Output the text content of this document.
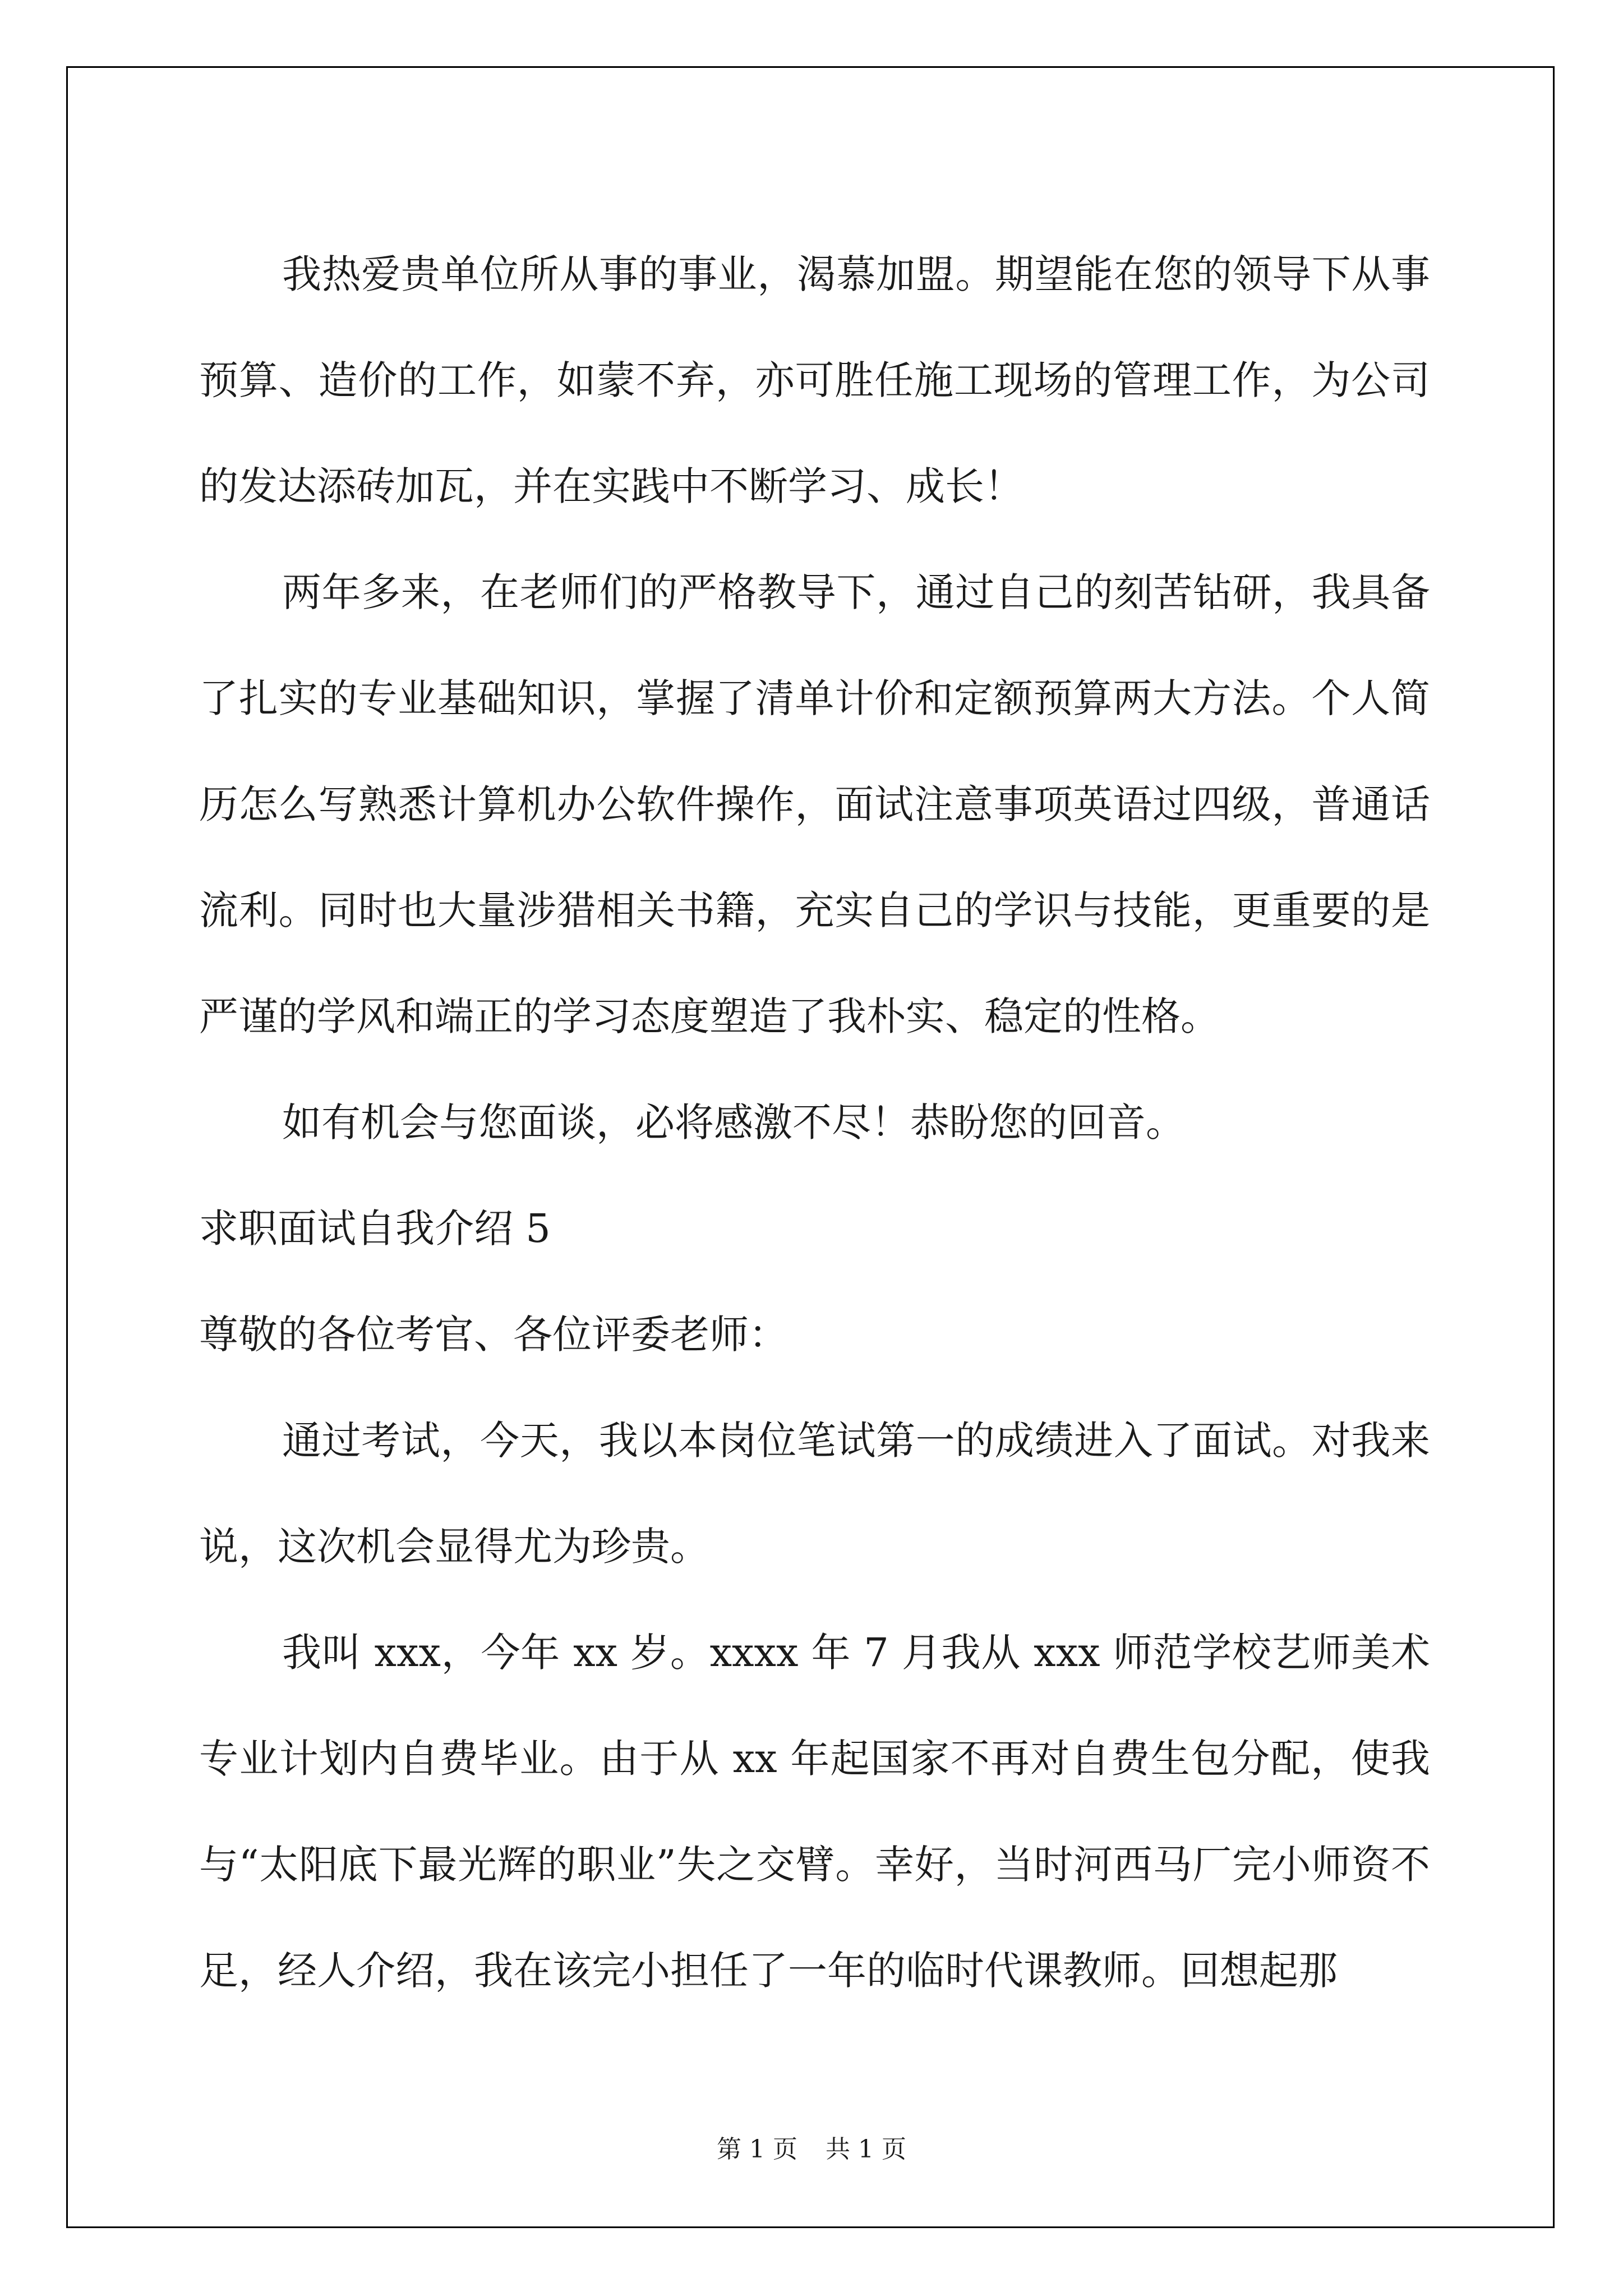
我热爱贵单位所从事的事业，渴慕加盟。期望能在您的领导下从事预算、造价的工作，如蒙不弃，亦可胜任施工现场的管理工作，为公司的发达添砖加瓦，并在实践中不断学习、成长！

两年多来，在老师们的严格教导下，通过自己的刻苦钻研，我具备了扎实的专业基础知识，掌握了清单计价和定额预算两大方法。个人简历怎么写熟悉计算机办公软件操作，面试注意事项英语过四级，普通话流利。同时也大量涉猎相关书籍，充实自己的学识与技能，更重要的是严谨的学风和端正的学习态度塑造了我朴实、稳定的性格。

如有机会与您面谈，必将感激不尽！恭盼您的回音。

求职面试自我介绍 5

尊敬的各位考官、各位评委老师：

通过考试，今天，我以本岗位笔试第一的成绩进入了面试。对我来说，这次机会显得尤为珍贵。

我叫 xxx，今年 xx 岁。xxxx 年 7 月我从 xxx 师范学校艺师美术专业计划内自费毕业。由于从 xx 年起国家不再对自费生包分配，使我与“太阳底下最光辉的职业”失之交臂。幸好，当时河西马厂完小师资不足，经人介绍，我在该完小担任了一年的临时代课教师。回想起那

第 1 页 共 1 页
